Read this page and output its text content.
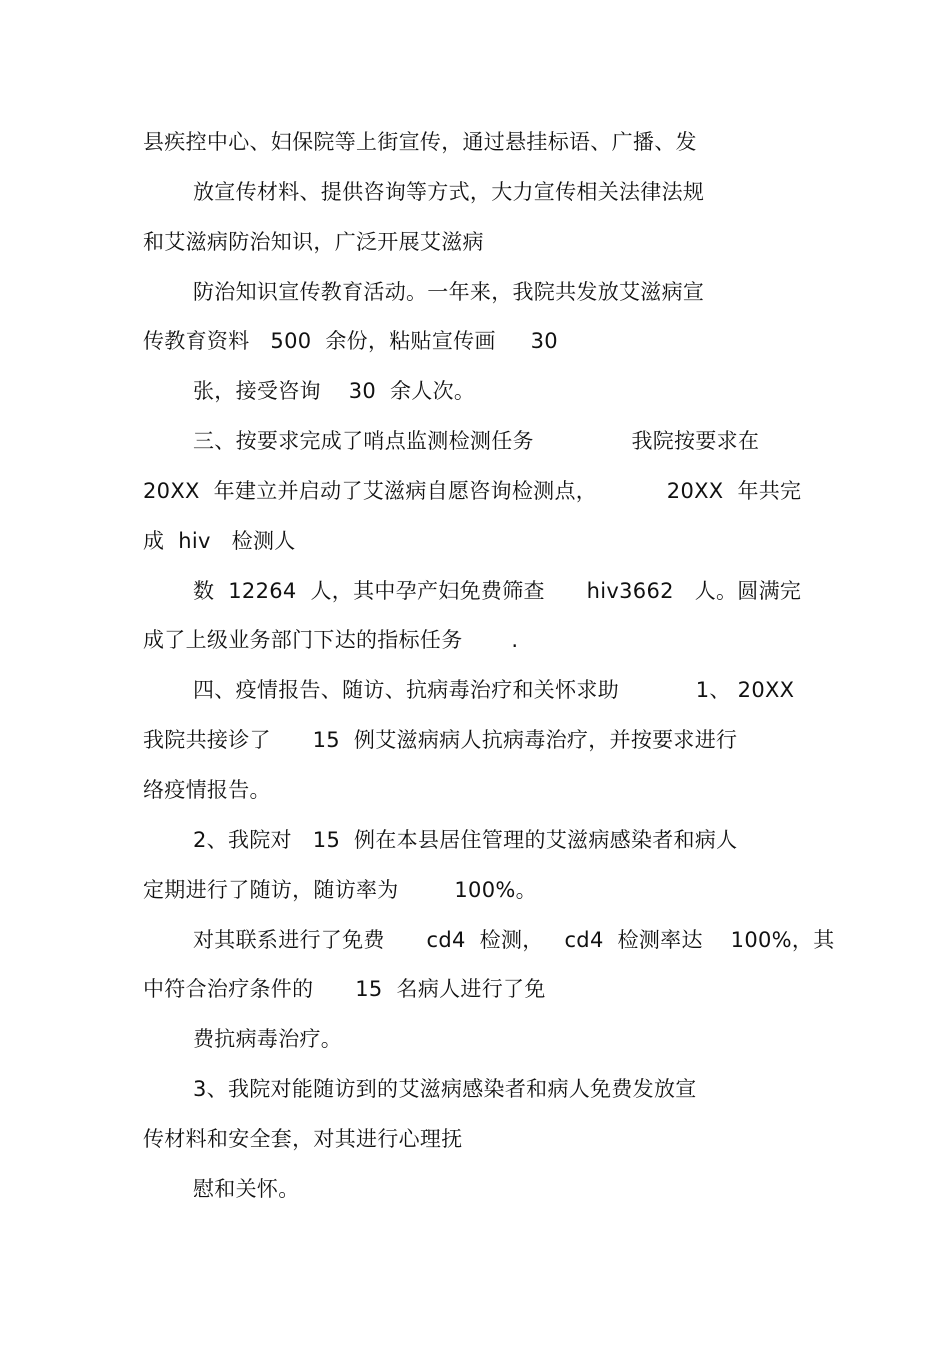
县疾控中心、妇保院等上街宣传，通过悬挂标语、广播、发
放宣传材料、提供咨询等方式，大力宣传相关法律法规
和艾滋病防治知识，广泛开展艾滋病
防治知识宣传教育活动。一年来，我院共发放艾滋病宣
传教育资料   500  余份，粘贴宣传画     30
张，接受咨询    30  余人次。
三、按要求完成了哨点监测检测任务              我院按要求在
20XX  年建立并启动了艾滋病自愿咨询检测点，          20XX  年共完
成  hiv   检测人
数  12264  人，其中孕产妇免费筛查      hiv3662   人。圆满完
成了上级业务部门下达的指标任务       .
四、疫情报告、随访、抗病毒治疗和关怀求助           1、 20XX
我院共接诊了      15  例艾滋病病人抗病毒治疗，并按要求进行
络疫情报告。
2、我院对   15  例在本县居住管理的艾滋病感染者和病人
定期进行了随访，随访率为        100%。
对其联系进行了免费      cd4  检测，   cd4  检测率达    100%，其
中符合治疗条件的      15  名病人进行了免
费抗病毒治疗。
3、我院对能随访到的艾滋病感染者和病人免费发放宣
传材料和安全套，对其进行心理抚
慰和关怀。
